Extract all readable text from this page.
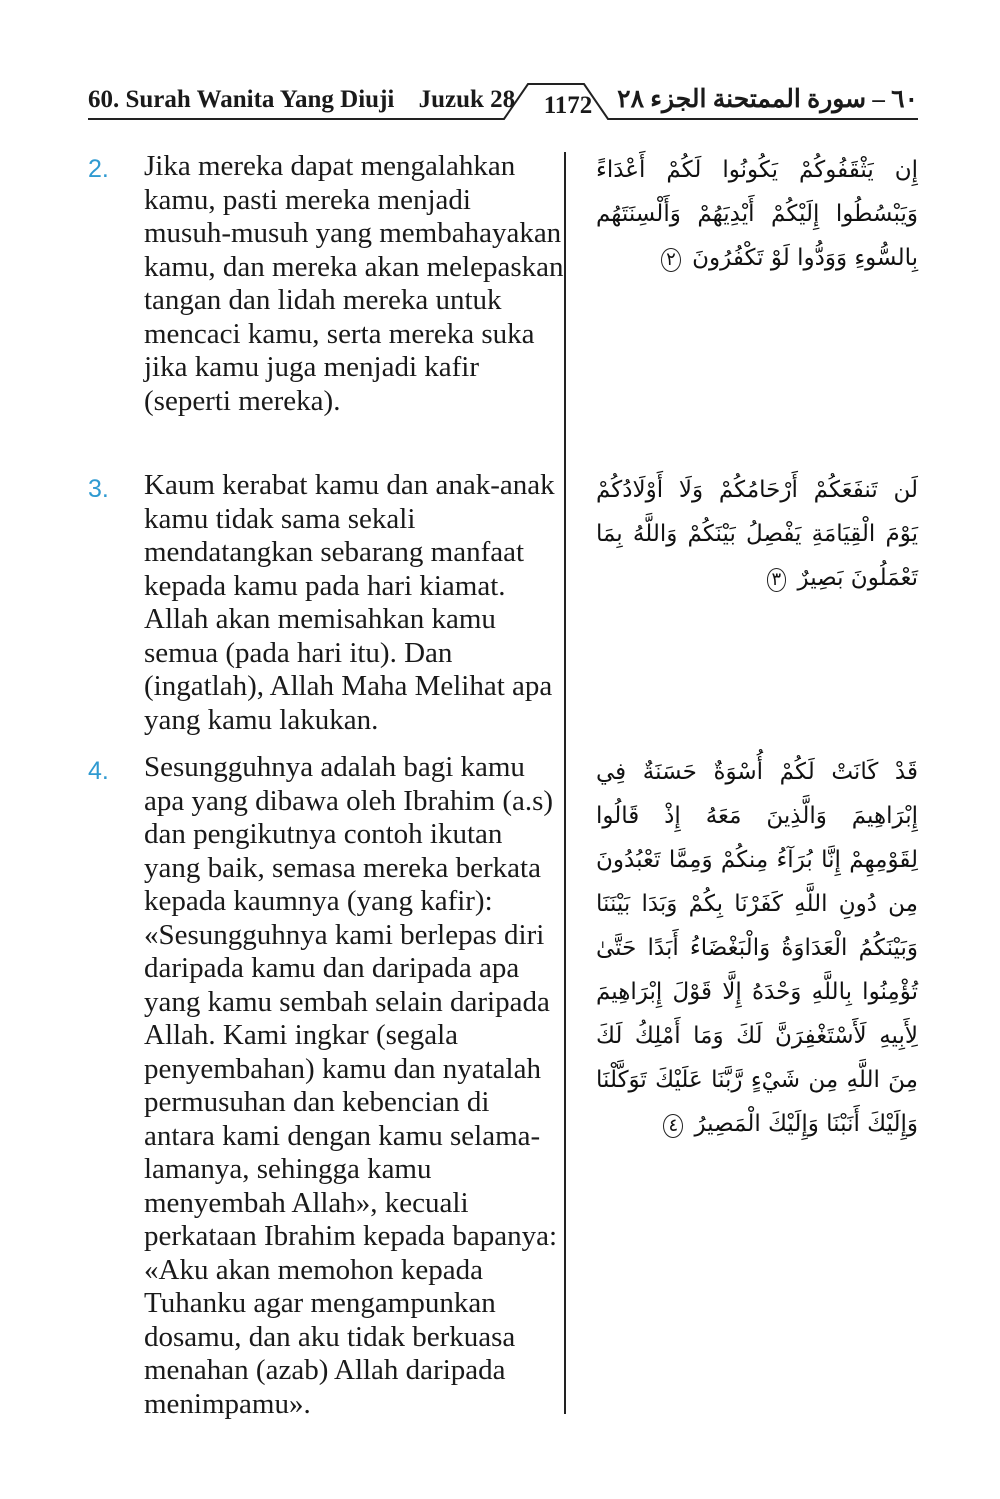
60. Surah Wanita Yang Diuji Juzuk 28 1172	٦٠ – سورة الممتحنة الجزء ٢٨
2. Jika mereka dapat mengalahkan kamu, pasti mereka menjadi musuh-musuh yang membahayakan kamu, dan mereka akan melepaskan tangan dan lidah mereka untuk mencaci kamu, serta mereka suka jika kamu juga menjadi kafir (seperti mereka).
إِن يَثْقَفُوكُمْ يَكُونُوا لَكُمْ أَعْدَاءً وَيَبْسُطُوا إِلَيْكُمْ أَيْدِيَهُمْ وَأَلْسِنَتَهُم بِالسُّوءِ وَوَدُّوا لَوْ تَكْفُرُونَ ٢
3. Kaum kerabat kamu dan anak-anak kamu tidak sama sekali mendatangkan sebarang manfaat kepada kamu pada hari kiamat. Allah akan memisahkan kamu semua (pada hari itu). Dan (ingatlah), Allah Maha Melihat apa yang kamu lakukan.
لَن تَنفَعَكُمْ أَرْحَامُكُمْ وَلَا أَوْلَادُكُمْ يَوْمَ الْقِيَامَةِ يَفْصِلُ بَيْنَكُمْ وَاللَّهُ بِمَا تَعْمَلُونَ بَصِيرٌ ٣
4. Sesungguhnya adalah bagi kamu apa yang dibawa oleh Ibrahim (a.s) dan pengikutnya contoh ikutan yang baik, semasa mereka berkata kepada kaumnya (yang kafir): «Sesungguhnya kami berlepas diri daripada kamu dan daripada apa yang kamu sembah selain daripada Allah. Kami ingkar (segala penyembahan) kamu dan nyatalah permusuhan dan kebencian di antara kami dengan kamu selama-lamanya, sehingga kamu menyembah Allah», kecuali perkataan Ibrahim kepada bapanya: «Aku akan memohon kepada Tuhanku agar mengampunkan dosamu, dan aku tidak berkuasa menahan (azab) Allah daripada menimpamu».
قَدْ كَانَتْ لَكُمْ أُسْوَةٌ حَسَنَةٌ فِي إِبْرَاهِيمَ وَالَّذِينَ مَعَهُ إِذْ قَالُوا لِقَوْمِهِمْ إِنَّا بُرَآءُ مِنكُمْ وَمِمَّا تَعْبُدُونَ مِن دُونِ اللَّهِ كَفَرْنَا بِكُمْ وَبَدَا بَيْنَنَا وَبَيْنَكُمُ الْعَدَاوَةُ وَالْبَغْضَاءُ أَبَدًا حَتَّىٰ تُؤْمِنُوا بِاللَّهِ وَحْدَهُ إِلَّا قَوْلَ إِبْرَاهِيمَ لِأَبِيهِ لَأَسْتَغْفِرَنَّ لَكَ وَمَا أَمْلِكُ لَكَ مِنَ اللَّهِ مِن شَيْءٍ رَّبَّنَا عَلَيْكَ تَوَكَّلْنَا وَإِلَيْكَ أَنَبْنَا وَإِلَيْكَ الْمَصِيرُ ٤
